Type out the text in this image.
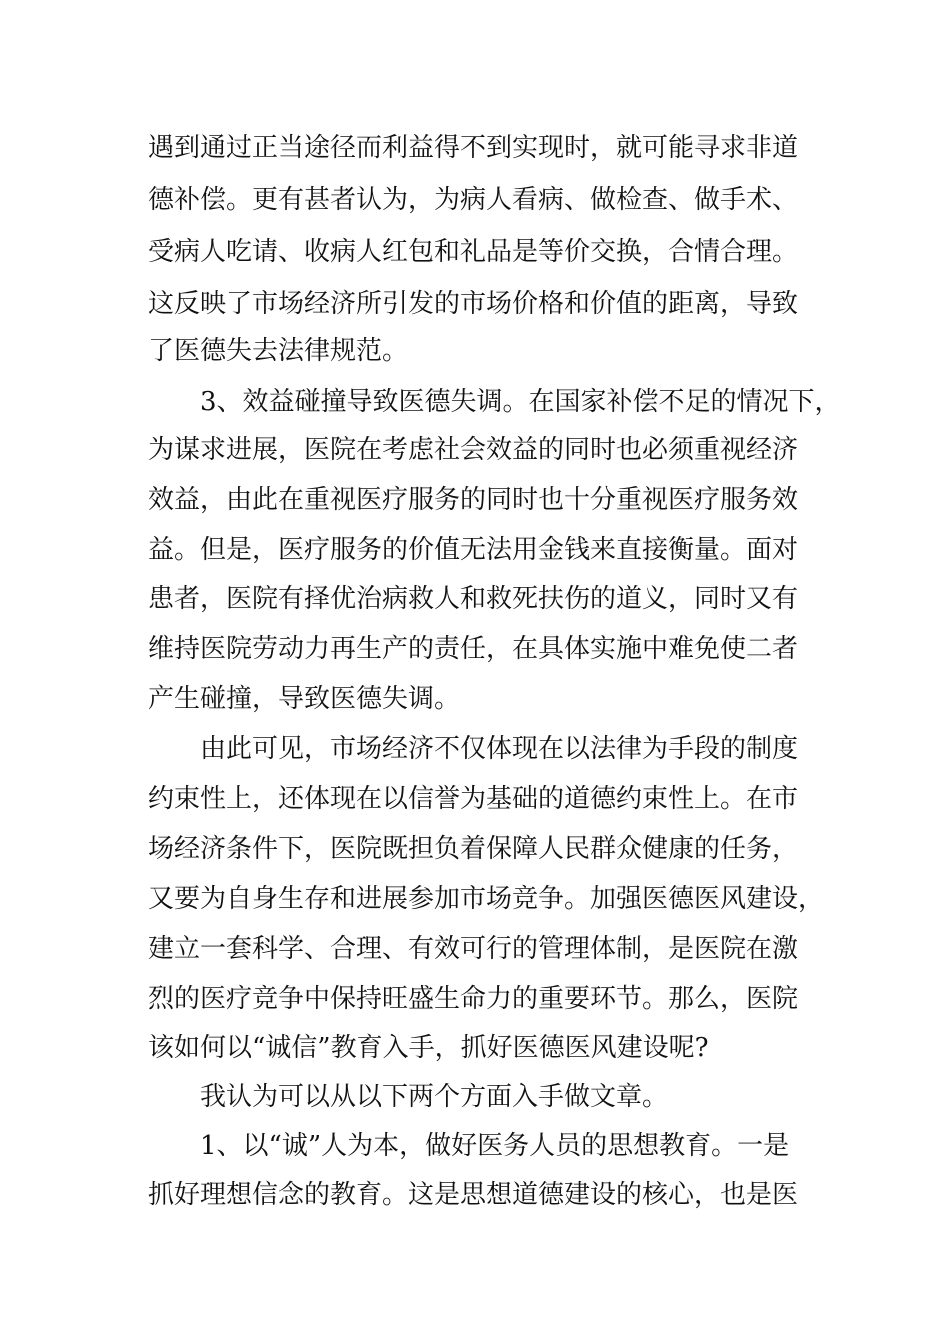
遇到通过正当途径而利益得不到实现时，就可能寻求非道
德补偿。更有甚者认为，为病人看病、做检查、做手术、
受病人吃请、收病人红包和礼品是等价交换，合情合理。
这反映了市场经济所引发的市场价格和价值的距离，导致
了医德失去法律规范。
3、效益碰撞导致医德失调。在国家补偿不足的情况下，
为谋求进展，医院在考虑社会效益的同时也必须重视经济
效益，由此在重视医疗服务的同时也十分重视医疗服务效
益。但是，医疗服务的价值无法用金钱来直接衡量。面对
患者，医院有择优治病救人和救死扶伤的道义，同时又有
维持医院劳动力再生产的责任，在具体实施中难免使二者
产生碰撞，导致医德失调。
由此可见，市场经济不仅体现在以法律为手段的制度
约束性上，还体现在以信誉为基础的道德约束性上。在市
场经济条件下，医院既担负着保障人民群众健康的任务，
又要为自身生存和进展参加市场竞争。加强医德医风建设，
建立一套科学、合理、有效可行的管理体制，是医院在激
烈的医疗竞争中保持旺盛生命力的重要环节。那么，医院
该如何以“诚信”教育入手，抓好医德医风建设呢?
我认为可以从以下两个方面入手做文章。
1、以“诚”人为本，做好医务人员的思想教育。一是
抓好理想信念的教育。这是思想道德建设的核心，也是医
